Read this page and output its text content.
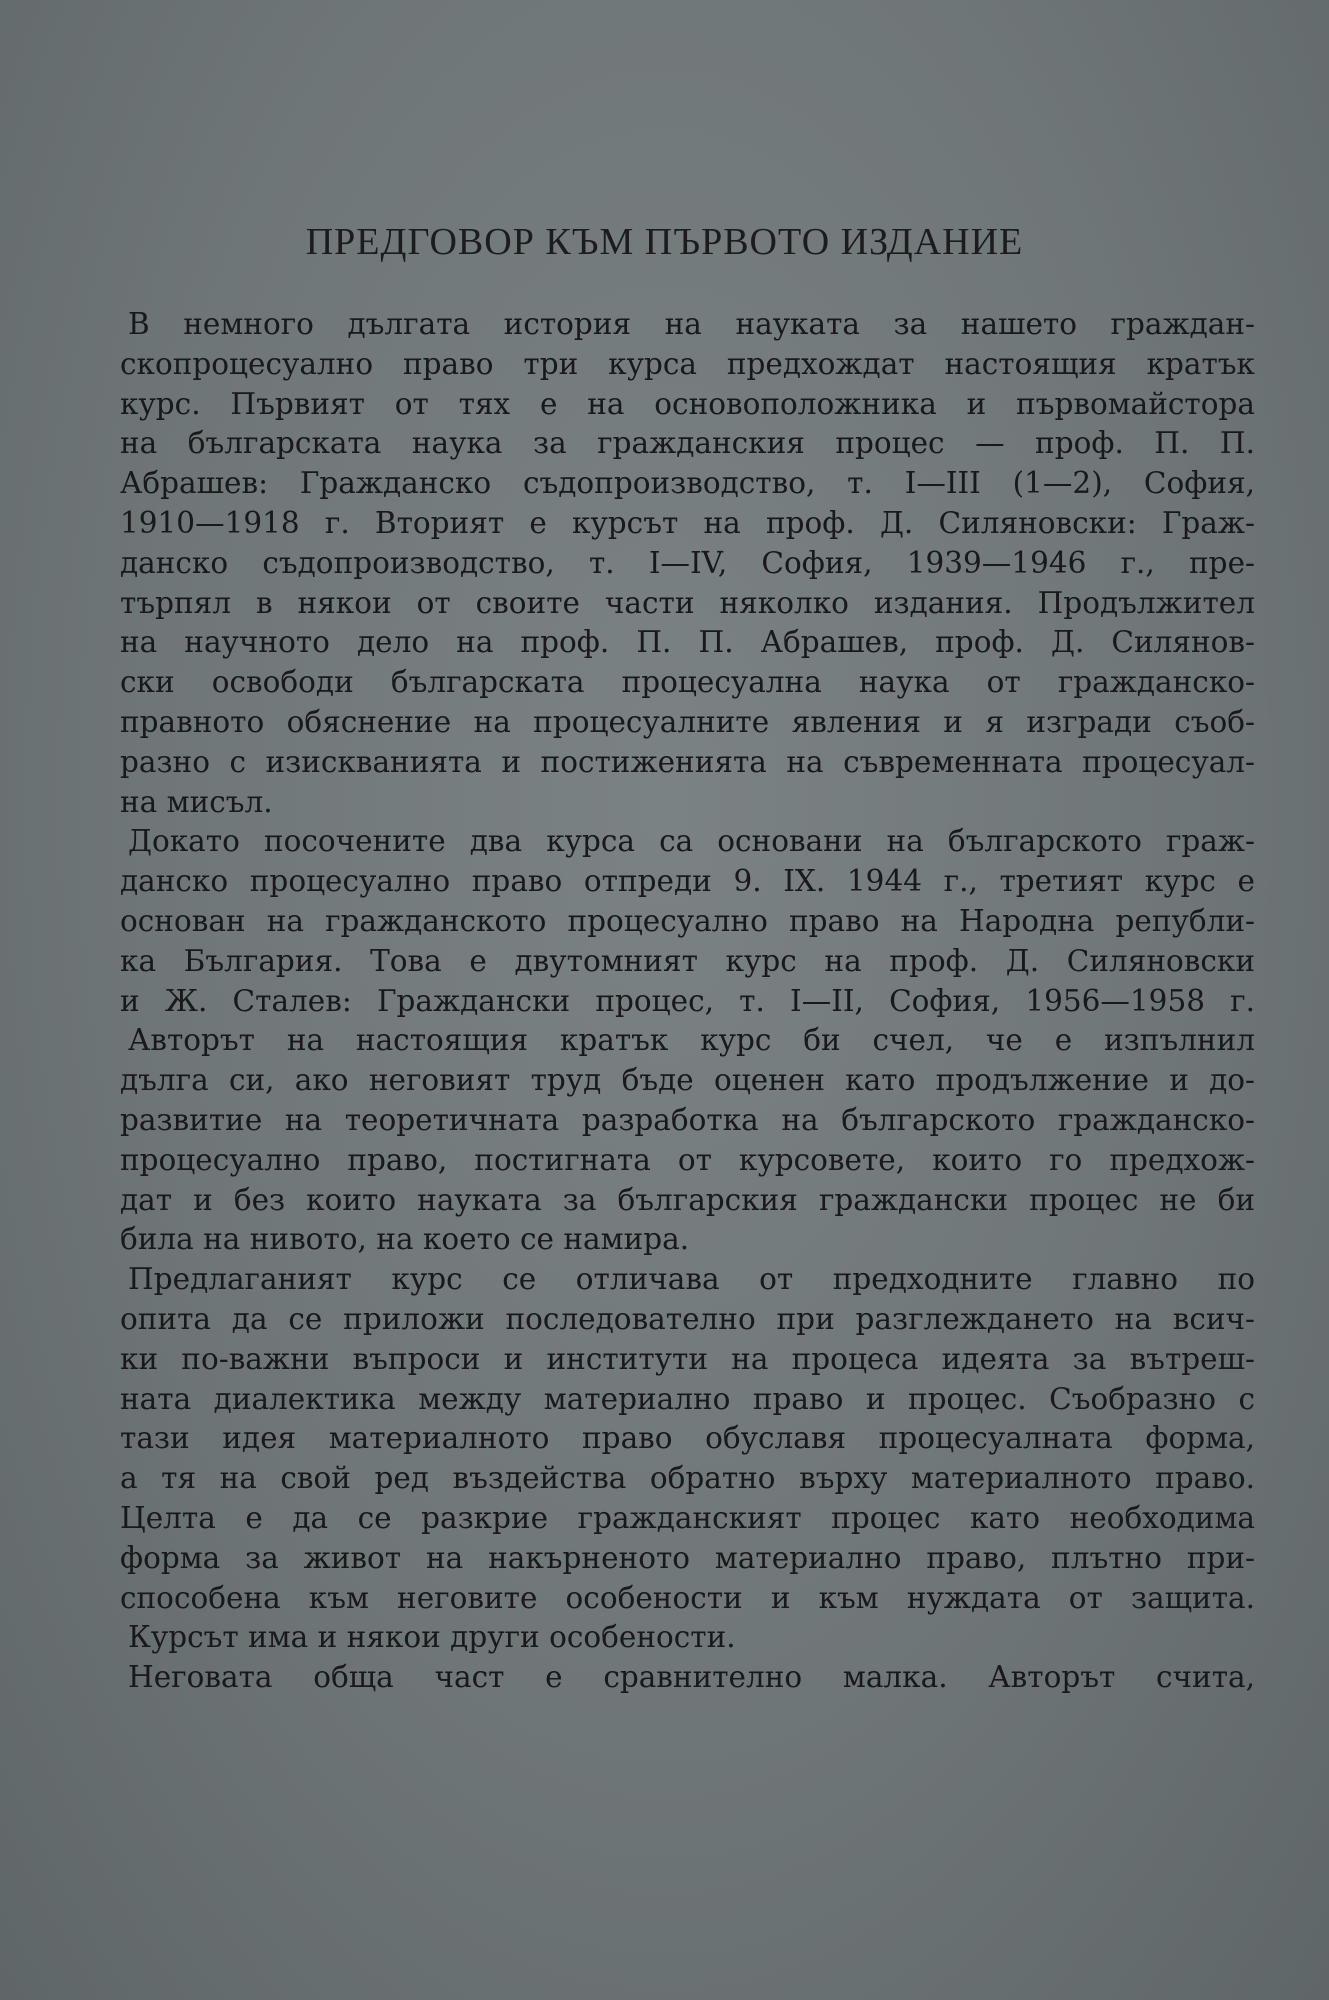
ПРЕДГОВОР КЪМ ПЪРВОТО ИЗДАНИЕ
В немного дългата история на науката за нашето граждан-
скопроцесуално право три курса предхождат настоящия кратък
курс. Първият от тях е на основоположника и първомайстора
на българската наука за гражданския процес — проф. П. П.
Абрашев: Гражданско съдопроизводство, т. I—III (1—2), София,
1910—1918 г. Вторият е курсът на проф. Д. Силяновски: Граж-
данско съдопроизводство, т. I—IV, София, 1939—1946 г., пре-
търпял в някои от своите части няколко издания. Продължител
на научното дело на проф. П. П. Абрашев, проф. Д. Силянов-
ски освободи българската процесуална наука от гражданско-
правното обяснение на процесуалните явления и я изгради съоб-
разно с изискванията и постиженията на съвременната процесуал-
на мисъл.
Докато посочените два курса са основани на българското граж-
данско процесуално право отпреди 9. IX. 1944 г., третият курс е
основан на гражданското процесуално право на Народна републи-
ка България. Това е двутомният курс на проф. Д. Силяновски
и Ж. Сталев: Граждански процес, т. I—II, София, 1956—1958 г.
Авторът на настоящия кратък курс би счел, че е изпълнил
дълга си, ако неговият труд бъде оценен като продължение и до-
развитие на теоретичната разработка на българското гражданско-
процесуално право, постигната от курсовете, които го предхож-
дат и без които науката за българския граждански процес не би
била на нивото, на което се намира.
Предлаганият курс се отличава от предходните главно по
опита да се приложи последователно при разглеждането на всич-
ки по-важни въпроси и институти на процеса идеята за вътреш-
ната диалектика между материално право и процес. Съобразно с
тази идея материалното право обуславя процесуалната форма,
а тя на свой ред въздейства обратно върху материалното право.
Целта е да се разкрие гражданският процес като необходима
форма за живот на накърненото материално право, плътно при-
способена към неговите особености и към нуждата от защита.
Курсът има и някои други особености.
Неговата обща част е сравнително малка. Авторът счита,
